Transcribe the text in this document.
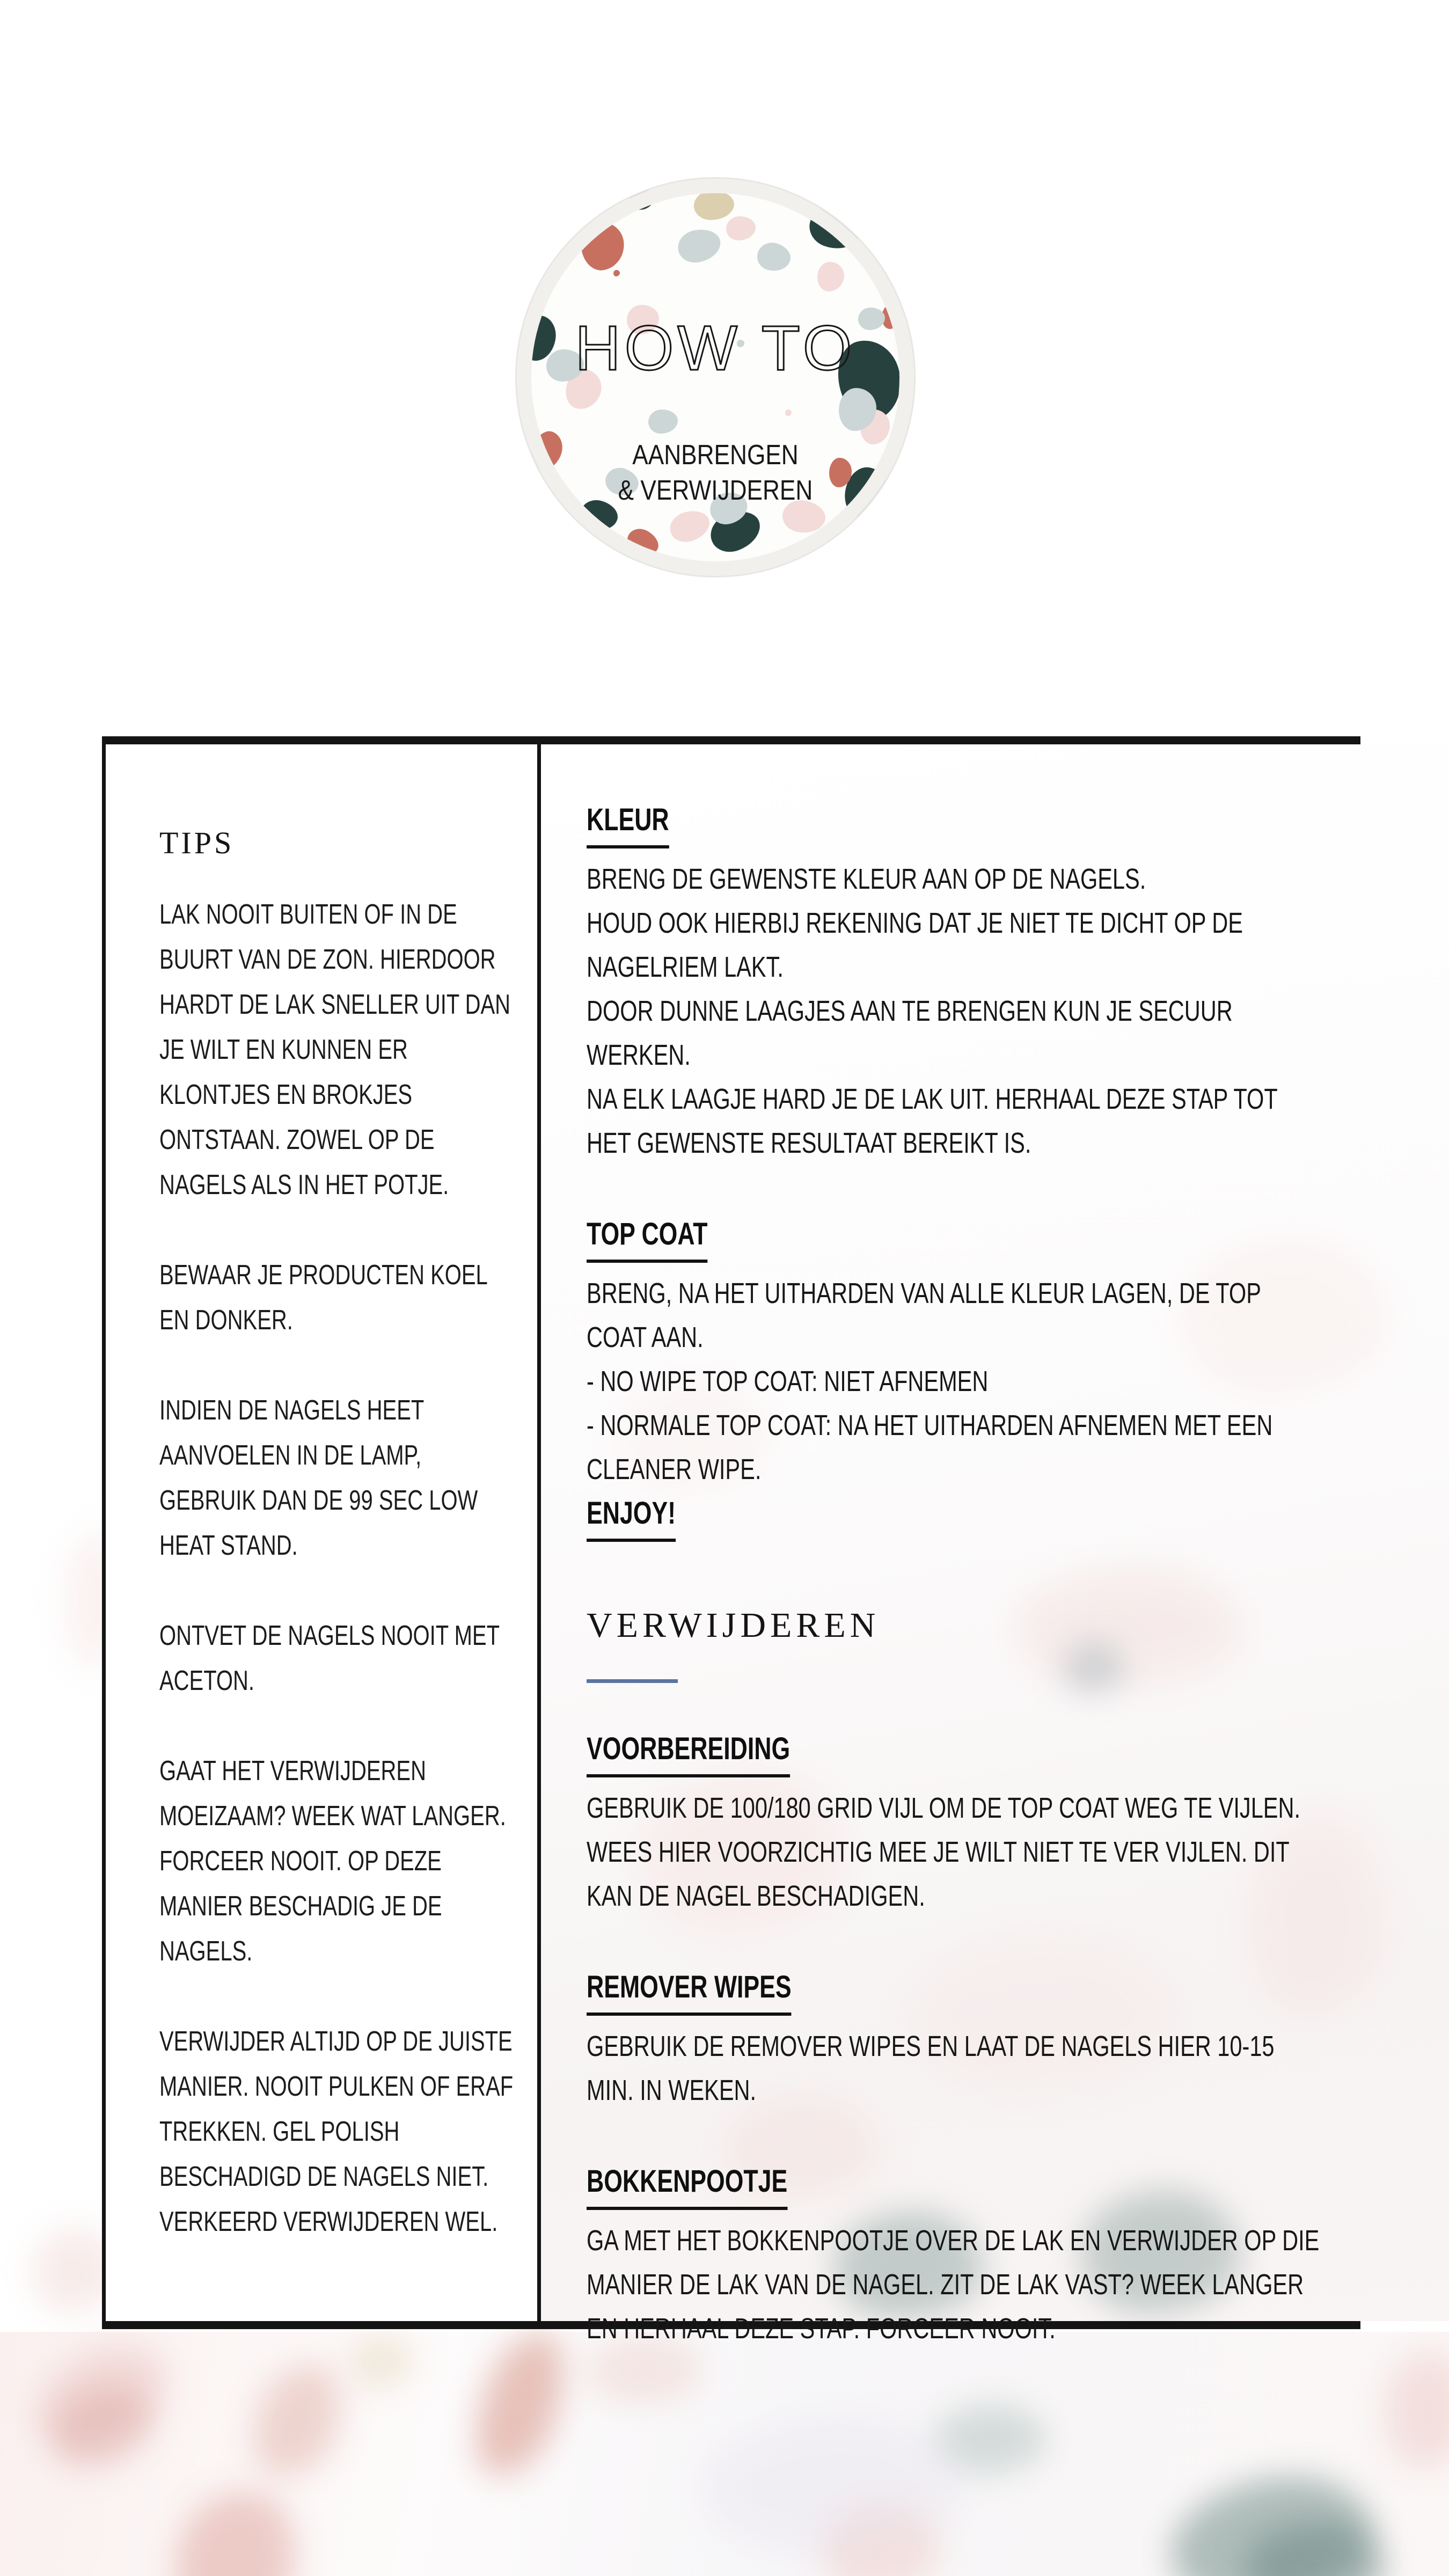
HOW TO
AANBRENGEN
& VERWIJDEREN
TIPS

LAK NOOIT BUITEN OF IN DE BUURT VAN DE ZON. HIERDOOR HARDT DE LAK SNELLER UIT DAN JE WILT EN KUNNEN ER KLONTJES EN BROKJES ONTSTAAN. ZOWEL OP DE NAGELS ALS IN HET POTJE.

BEWAAR JE PRODUCTEN KOEL EN DONKER.

INDIEN DE NAGELS HEET AANVOELEN IN DE LAMP, GEBRUIK DAN DE 99 SEC LOW HEAT STAND.

ONTVET DE NAGELS NOOIT MET ACETON.

GAAT HET VERWIJDEREN MOEIZAAM? WEEK WAT LANGER. FORCEER NOOIT. OP DEZE MANIER BESCHADIG JE DE NAGELS.

VERWIJDER ALTIJD OP DE JUISTE MANIER. NOOIT PULKEN OF ERAF TREKKEN. GEL POLISH BESCHADIGD DE NAGELS NIET. VERKEERD VERWIJDEREN WEL.

KLEUR

BRENG DE GEWENSTE KLEUR AAN OP DE NAGELS.

HOUD OOK HIERBIJ REKENING DAT JE NIET TE DICHT OP DE NAGELRIEM LAKT.

DOOR DUNNE LAAGJES AAN TE BRENGEN KUN JE SECUUR WERKEN.

NA ELK LAAGJE HARD JE DE LAK UIT. HERHAAL DEZE STAP TOT HET GEWENSTE RESULTAAT BEREIKT IS.

TOP COAT

BRENG, NA HET UITHARDEN VAN ALLE KLEUR LAGEN, DE TOP COAT AAN.

- NO WIPE TOP COAT: NIET AFNEMEN

- NORMALE TOP COAT: NA HET UITHARDEN AFNEMEN MET EEN CLEANER WIPE.

ENJOY!

VERWIJDEREN
VOORBEREIDING

GEBRUIK DE 100/180 GRID VIJL OM DE TOP COAT WEG TE VIJLEN. WEES HIER VOORZICHTIG MEE JE WILT NIET TE VER VIJLEN. DIT KAN DE NAGEL BESCHADIGEN.

REMOVER WIPES

GEBRUIK DE REMOVER WIPES EN LAAT DE NAGELS HIER 10-15 MIN. IN WEKEN.

BOKKENPOOTJE

GA MET HET BOKKENPOOTJE OVER DE LAK EN VERWIJDER OP DIE MANIER DE LAK VAN DE NAGEL. ZIT DE LAK VAST? WEEK LANGER EN HERHAAL DEZE STAP. FORCEER NOOIT.
